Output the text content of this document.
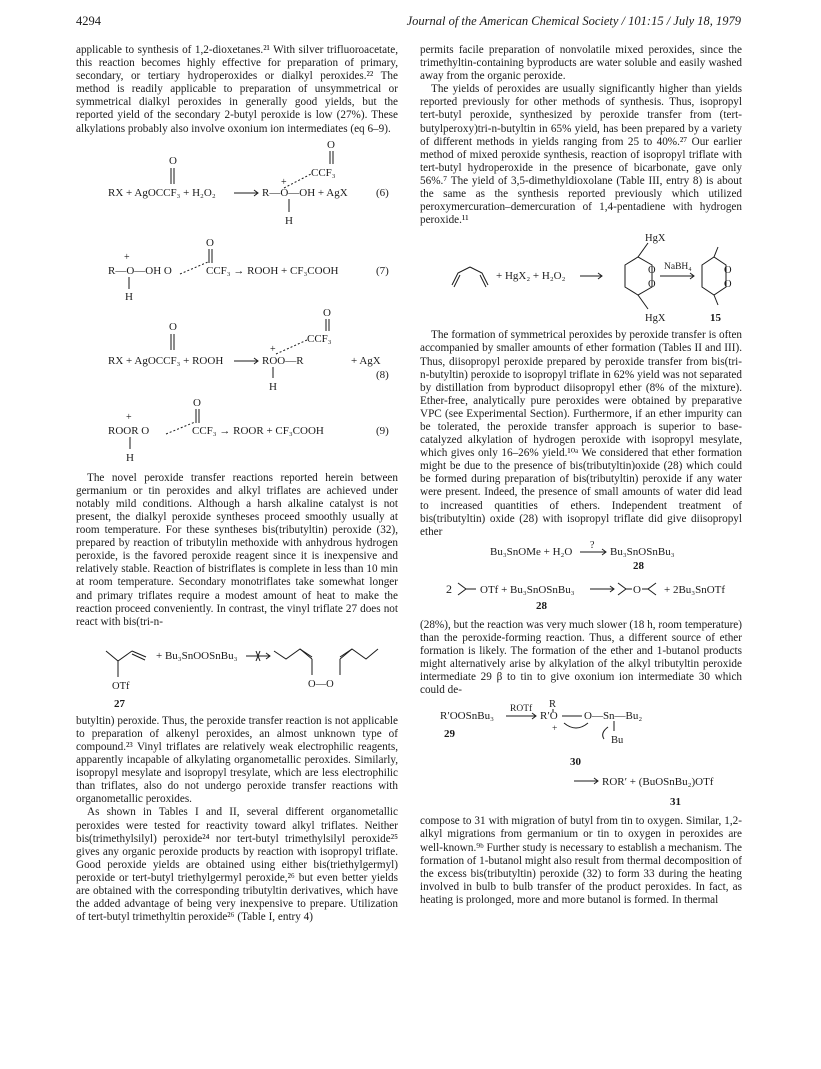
4294	Journal of the American Chemical Society / 101:15 / July 18, 1979

applicable to synthesis of 1,2-dioxetanes.²¹ With silver trifluoroacetate, this reaction becomes highly effective for preparation of primary, secondary, or tertiary hydroperoxides or dialkyl peroxides.²² The method is readily applicable to preparation of unsymmetrical or symmetrical dialkyl peroxides in generally good yields, but the reported yield of the secondary 2-butyl peroxide is low (27%). These alkylations probably also involve oxonium ion intermediates (eq 6–9).

O
CCF₃
O
+
RX + AgOCCF₃ + H₂O₂	R—O—OH + AgX
H
(6)
O
+
R—O—OH O	CCF₃ → ROOH + CF₃COOH
H
(7)
O
CCF₃
O
+
RX + AgOCCF₃ + ROOH	ROO—R	+ AgX
H
(8)
O
+
ROOR O	CCF₃ → ROOR + CF₃COOH
H
(9)

The novel peroxide transfer reactions reported herein between germanium or tin peroxides and alkyl triflates are achieved under notably mild conditions. Although a harsh alkaline catalyst is not present, the dialkyl peroxide syntheses proceed smoothly usually at room temperature. For these syntheses bis(tributyltin) peroxide (32), prepared by reaction of tributylin methoxide with anhydrous hydrogen peroxide, is the favored peroxide reagent since it is inexpensive and relatively stable. Reaction of bistriflates is complete in less than 10 min at room temperature. Secondary monotriflates take somewhat longer and primary triflates require a modest amount of heat to make the reaction proceed conveniently. In contrast, the vinyl triflate 27 does not react with bis(tri-n-

OTf
+ Bu₃SnOOSnBu₃
O—O
27

butyltin) peroxide. Thus, the peroxide transfer reaction is not applicable to preparation of alkenyl peroxides, an almost unknown type of compound.²³ Vinyl triflates are relatively weak electrophilic reagents, apparently incapable of alkylating organometallic peroxides. Similarly, isopropyl mesylate and isopropyl tresylate, which are less electrophilic than triflates, also do not undergo peroxide transfer reactions with organometallic peroxides.

As shown in Tables I and II, several different organometallic peroxides were tested for reactivity toward alkyl triflates. Neither bis(trimethylsilyl) peroxide²⁴ nor tert-butyl trimethylsilyl peroxide²⁵ gives any organic peroxide products by reaction with isopropyl triflate. Good peroxide yields are obtained using either bis(triethylgermyl) peroxide or tert-butyl triethylgermyl peroxide,²⁶ but even better yields are obtained with the corresponding tributyltin derivatives, which have the added advantage of being very inexpensive to prepare. Utilization of tert-butyl trimethyltin peroxide²⁶ (Table I, entry 4)

permits facile preparation of nonvolatile mixed peroxides, since the trimethyltin-containing byproducts are water soluble and easily washed away from the organic peroxide.

The yields of peroxides are usually significantly higher than yields reported previously for other methods of synthesis. Thus, isopropyl tert-butyl peroxide, synthesized by peroxide transfer from (tert-butylperoxy)tri-n-butyltin in 65% yield, has been prepared by a variety of different methods in yields ranging from 25 to 40%.²⁷ Our earlier method of mixed peroxide synthesis, reaction of isopropyl triflate with tert-butyl hydroperoxide in the presence of bicarbonate, gave only 56%.⁷ The yield of 3,5-dimethyldioxolane (Table III, entry 8) is about the same as the synthesis reported previously which utilized peroxymercuration–demercuration of 1,4-pentadiene with hydrogen peroxide.¹¹

+ HgX₂ + H₂O₂
HgX
HgX
O
O
NaBH₄	O
O
15

The formation of symmetrical peroxides by peroxide transfer is often accompanied by smaller amounts of ether formation (Tables II and III). Thus, diisopropyl peroxide prepared by peroxide transfer from bis(tri-n-butyltin) peroxide to isopropyl triflate in 62% yield was not separated by distillation from byproduct diisopropyl ether (8% of the mixture). Ether-free, analytically pure peroxides were obtained by preparative VPC (see Experimental Section). Furthermore, if an ether impurity can be tolerated, the peroxide transfer approach is superior to base-catalyzed alkylation of hydrogen peroxide with isopropyl mesylate, which gives only 16–26% yield.¹⁰ᵃ We considered that ether formation might be due to the presence of bis(tributyltin)oxide (28) which could be formed during preparation of bis(tributyltin) peroxide if any water were present. Indeed, the presence of small amounts of water did lead to increased quantities of ethers. Independent treatment of bis(tributyltin) oxide (28) with isopropyl triflate did give diisopropyl ether

Bu₃SnOMe + H₂O
?
Bu₃SnOSnBu₃
28
2	OTf + Bu₃SnOSnBu₃	O + 2Bu₃SnOTf
28

(28%), but the reaction was very much slower (18 h, room temperature) than the peroxide-forming reaction. Thus, a different source of ether formation is likely. The formation of the ether and 1-butanol products might alternatively arise by alkylation of the alkyl tributyltin peroxide intermediate 29 β to tin to give oxonium ion intermediate 30 which could de-

R′OOSnBu₃
ROTf R
R′O
+
O—Sn—Bu₂
Bu
29
30
ROR′ + (BuOSnBu₂)OTf
31

compose to 31 with migration of butyl from tin to oxygen. Similar, 1,2-alkyl migrations from germanium or tin to oxygen in peroxides are well-known.⁹ᵇ Further study is necessary to establish a mechanism. The formation of 1-butanol might also result from thermal decomposition of the excess bis(tributyltin) peroxide (32) to form 33 during the heating involved in bulb to bulb transfer of the product peroxides. In fact, as heating is prolonged, more and more butanol is formed. In thermal
